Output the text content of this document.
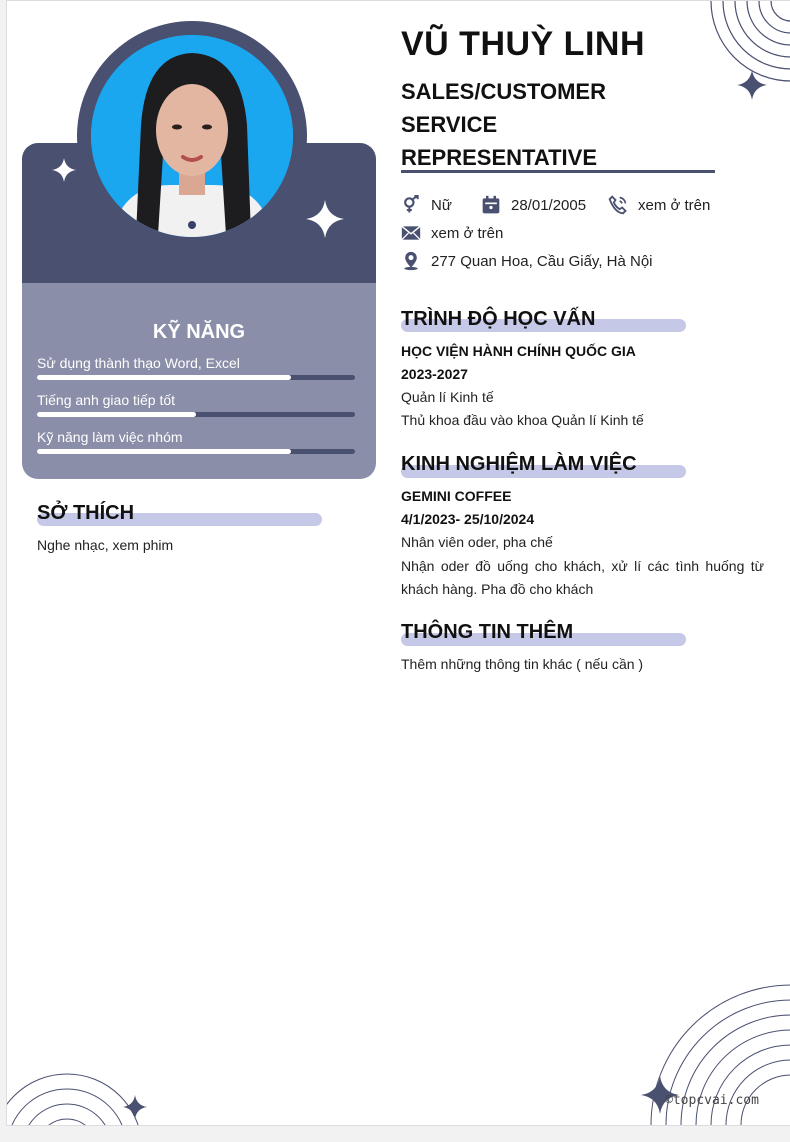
KỸ NĂNG
Sử dụng thành thạo Word, Excel
Tiếng anh giao tiếp tốt
Kỹ năng làm việc nhóm
SỞ THÍCH
Nghe nhạc, xem phim
VŨ THUỲ LINH
SALES/CUSTOMER
SERVICE
REPRESENTATIVE
Nữ	28/01/2005	xem ở trên
xem ở trên
277 Quan Hoa, Cầu Giấy, Hà Nội
TRÌNH ĐỘ HỌC VẤN
HỌC VIỆN HÀNH CHÍNH QUỐC GIA
2023-2027
Quản lí Kinh tế
Thủ khoa đầu vào khoa Quản lí Kinh tế
KINH NGHIỆM LÀM VIỆC
GEMINI COFFEE
4/1/2023- 25/10/2024
Nhân viên oder, pha chế
Nhận oder đồ uống cho khách, xử lí các tình huống từ khách hàng. Pha đồ cho khách
THÔNG TIN THÊM
Thêm những thông tin khác ( nếu cần )
©topcvai.com
